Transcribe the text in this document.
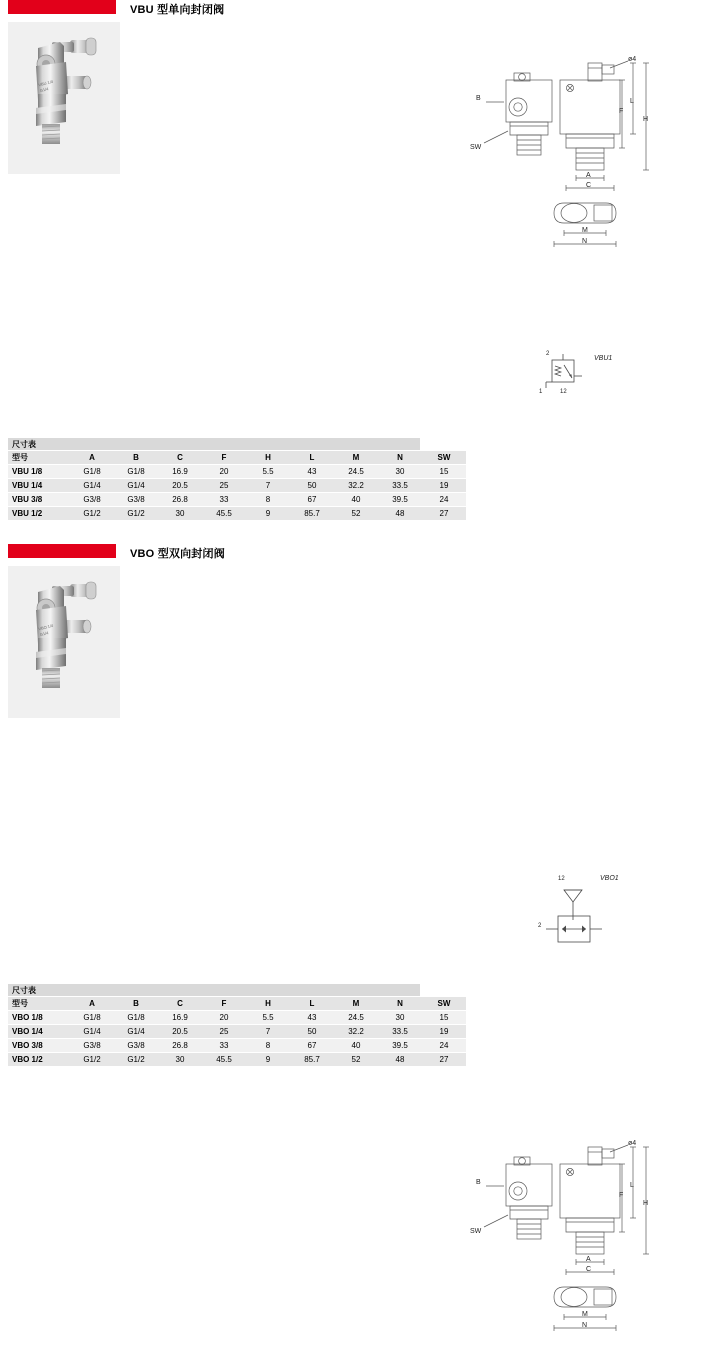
VBU 型单向封闭阀
VBU 1/4
G1/4
B
SW
F
L
H
ø4
A
C
M
N
2
1	12
VBU1
尺寸表
型号	A	B	C	F	H	L	M	N	SW
VBU 1/8	G1/8	G1/8	16.9	20	5.5	43	24.5	30	15
VBU 1/4	G1/4	G1/4	20.5	25	7	50	32.2	33.5	19
VBU 3/8	G3/8	G3/8	26.8	33	8	67	40	39.5	24
VBU 1/2	G1/2	G1/2	30	45.5	9	85.7	52	48	27
VBO 型双向封闭阀
VBO 1/4
G1/4
B
SW
F
L
H
ø4
A
C
M
N
12
2
VBO1
尺寸表
型号	A	B	C	F	H	L	M	N	SW
VBO 1/8	G1/8	G1/8	16.9	20	5.5	43	24.5	30	15
VBO 1/4	G1/4	G1/4	20.5	25	7	50	32.2	33.5	19
VBO 3/8	G3/8	G3/8	26.8	33	8	67	40	39.5	24
VBO 1/2	G1/2	G1/2	30	45.5	9	85.7	52	48	27
